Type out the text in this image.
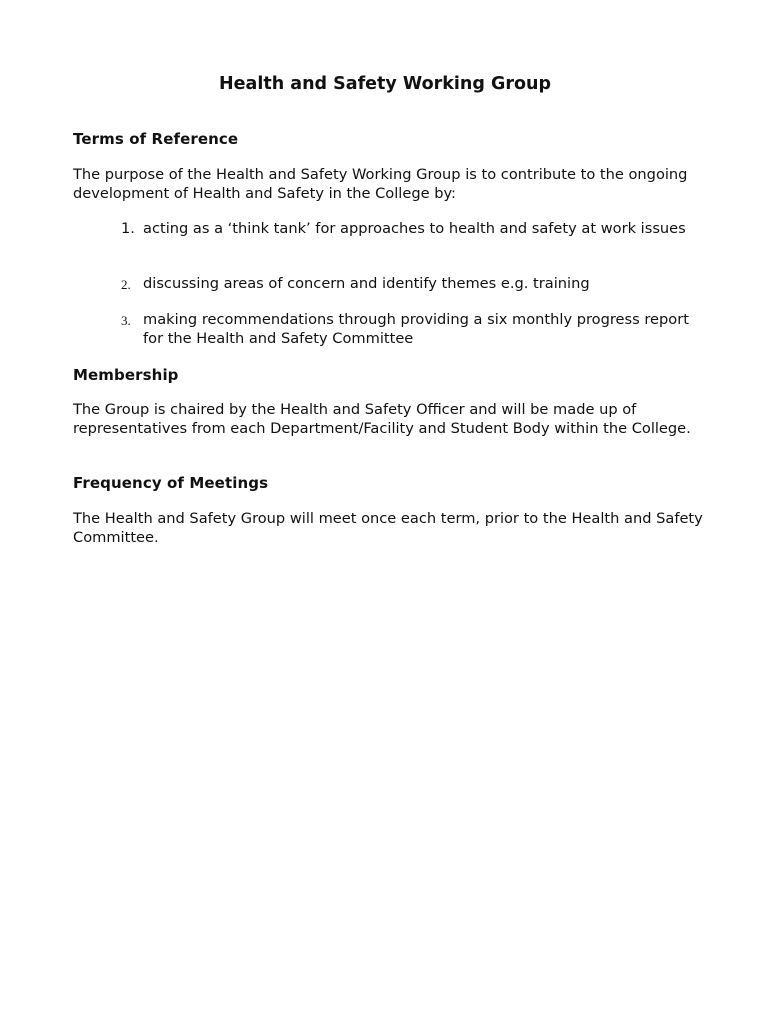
Health and Safety Working Group
Terms of Reference

The purpose of the Health and Safety Working Group is to contribute to the ongoing development of Health and Safety in the College by:

1. acting as a ‘think tank’ for approaches to health and safety at work issues
2. discussing areas of concern and identify themes e.g. training
3. making recommendations through providing a six monthly progress report for the Health and Safety Committee
Membership

The Group is chaired by the Health and Safety Officer and will be made up of representatives from each Department/Facility and Student Body within the College.

Frequency of Meetings

The Health and Safety Group will meet once each term, prior to the Health and Safety Committee.
